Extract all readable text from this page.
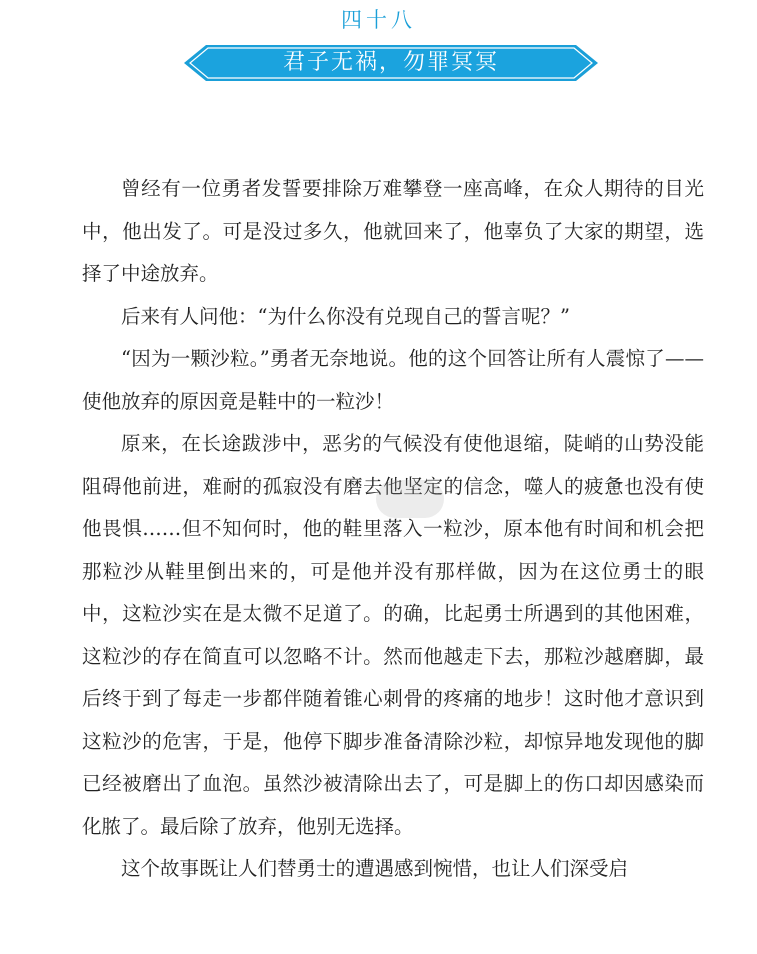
四十八
君子无祸，勿罪冥冥

曾经有一位勇者发誓要排除万难攀登一座高峰，在众人期待的目光中，他出发了。可是没过多久，他就回来了，他辜负了大家的期望，选择了中途放弃。

后来有人问他：“为什么你没有兑现自己的誓言呢？”

“因为一颗沙粒。”勇者无奈地说。他的这个回答让所有人震惊了——使他放弃的原因竟是鞋中的一粒沙！

原来，在长途跋涉中，恶劣的气候没有使他退缩，陡峭的山势没能阻碍他前进，难耐的孤寂没有磨去他坚定的信念，噬人的疲惫也没有使他畏惧……但不知何时，他的鞋里落入一粒沙，原本他有时间和机会把那粒沙从鞋里倒出来的，可是他并没有那样做，因为在这位勇士的眼中，这粒沙实在是太微不足道了。的确，比起勇士所遇到的其他困难，这粒沙的存在简直可以忽略不计。然而他越走下去，那粒沙越磨脚，最后终于到了每走一步都伴随着锥心刺骨的疼痛的地步！这时他才意识到这粒沙的危害，于是，他停下脚步准备清除沙粒，却惊异地发现他的脚已经被磨出了血泡。虽然沙被清除出去了，可是脚上的伤口却因感染而化脓了。最后除了放弃，他别无选择。

这个故事既让人们替勇士的遭遇感到惋惜，也让人们深受启
